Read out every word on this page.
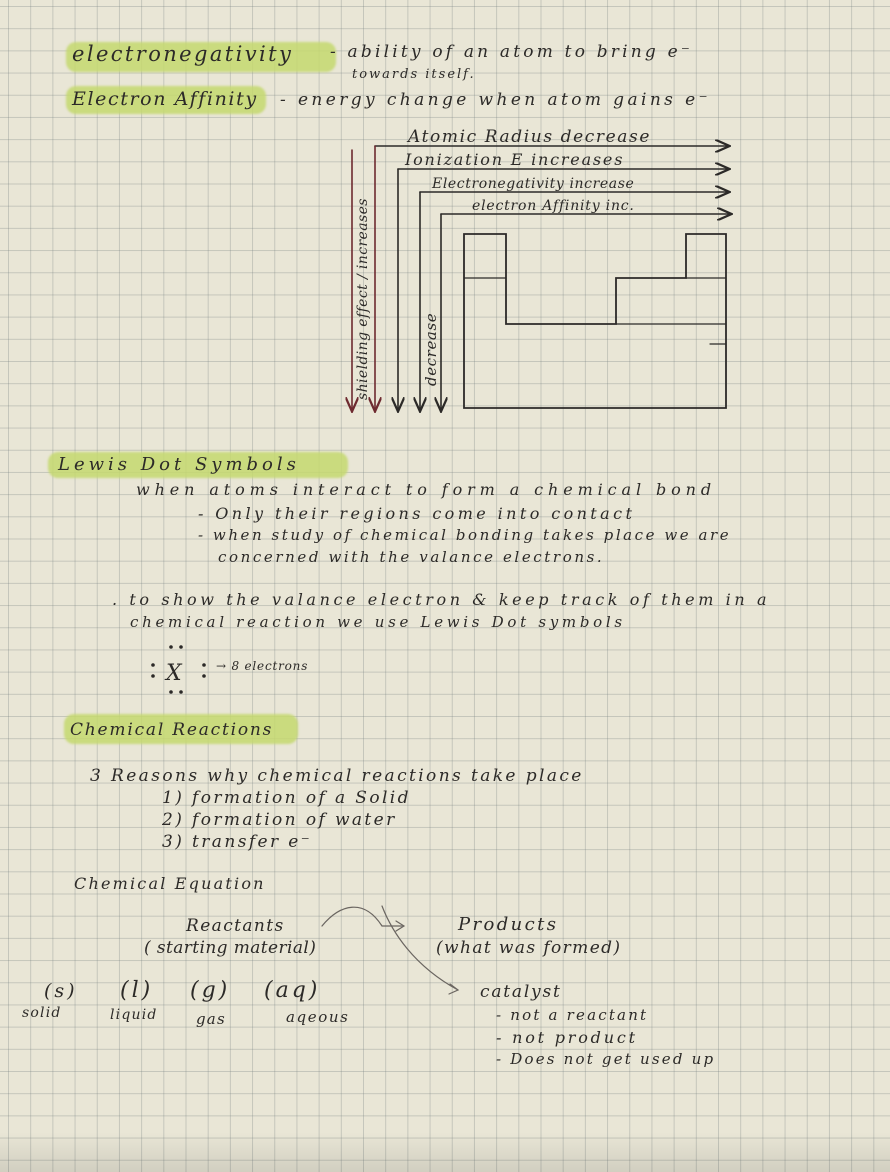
electronegativity - ability of an atom to bring e⁻
towards itself.
Electron Affinity - energy change when atom gains e⁻
Atomic Radius decrease
Ionization E increases
Electronegativity increase
electron Affinity inc.
shielding effect / increases	decrease
Lewis Dot Symbols
when atoms interact to form a chemical bond
- Only their regions come into contact
- when study of chemical bonding takes place we are
concerned with the valance electrons.
. to show the valance electron & keep track of them in a
chemical reaction we use Lewis Dot symbols
X	→ 8 electrons
Chemical Reactions
3 Reasons why chemical reactions take place
1) formation of a Solid
2) formation of water
3) transfer e⁻
Chemical Equation
Reactants
( starting material)
Products
(what was formed)
(s) (l) (g) (aq)
solid	liquid	gas	aqeous
catalyst
- not a reactant
- not product
- Does not get used up
